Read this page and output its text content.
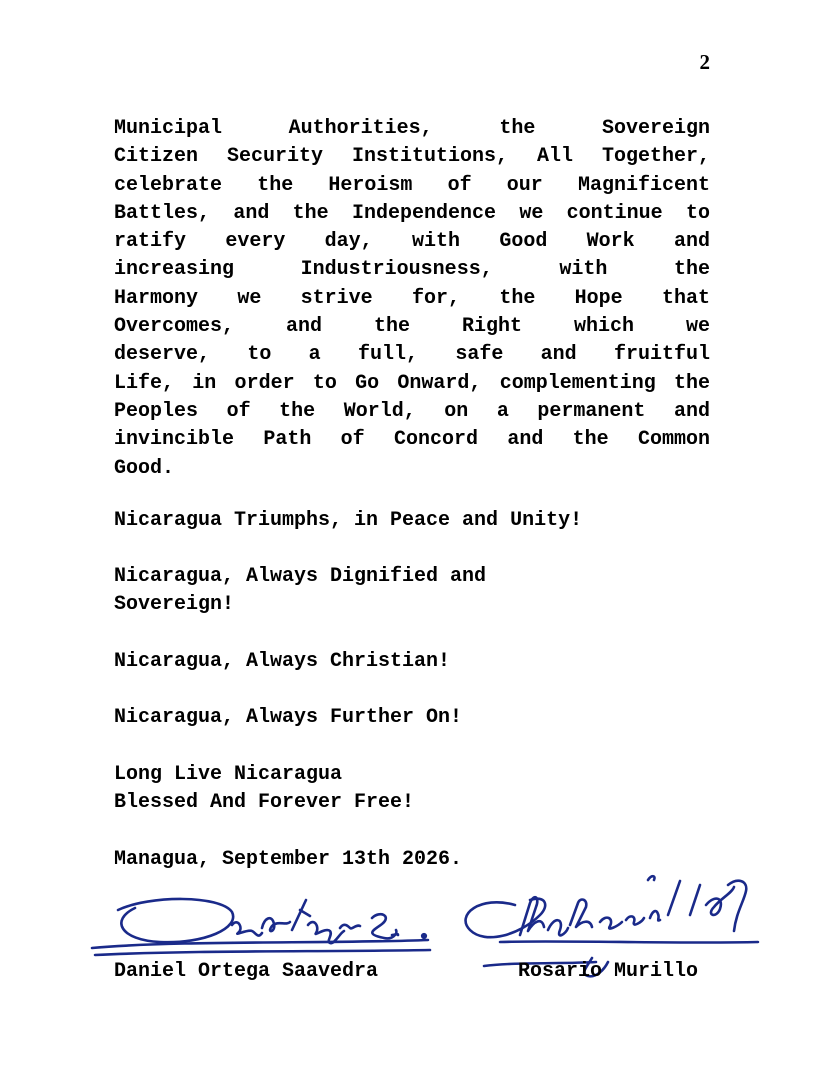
2
Municipal Authorities, the Sovereign
Citizen Security Institutions, All Together,
celebrate the Heroism of our Magnificent
Battles, and the Independence we continue to
ratify every day, with Good Work and
increasing Industriousness, with the
Harmony we strive for, the Hope that
Overcomes, and the Right which we
deserve, to a full, safe and fruitful
Life, in order to Go Onward, complementing the
Peoples of the World, on a permanent and
invincible Path of Concord and the Common
Good.

Nicaragua Triumphs, in Peace and Unity!

Nicaragua, Always Dignified and

Sovereign!

Nicaragua, Always Christian!

Nicaragua, Always Further On!

Long Live Nicaragua

Blessed And Forever Free!

Managua, September 13th 2026.

Daniel Ortega Saavedra	Rosario Murillo
